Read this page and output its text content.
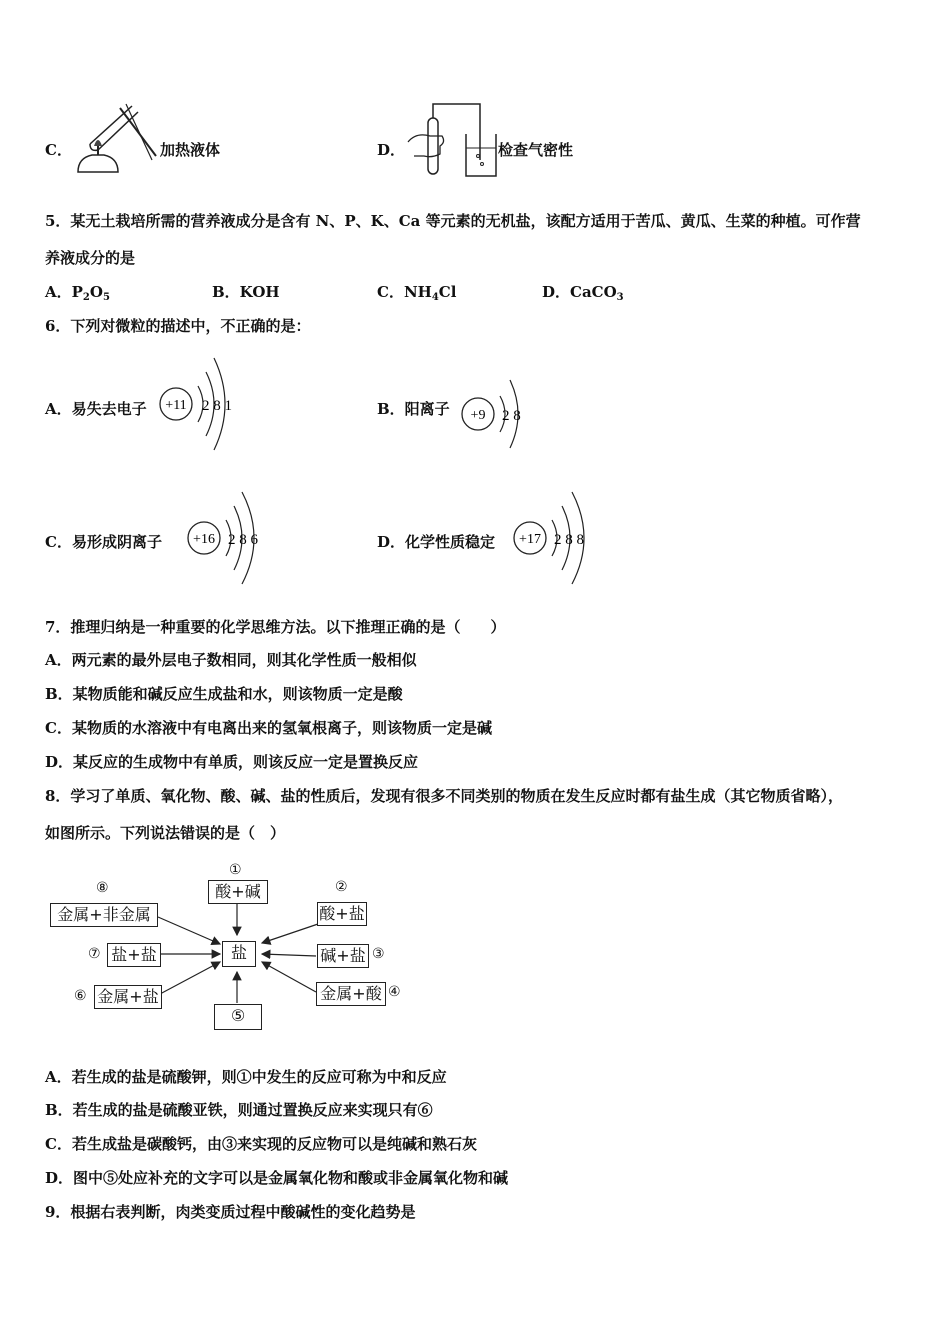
C．	加热液体	D．	检查气密性
5．某无土栽培所需的营养液成分是含有 N、P、K、Ca 等元素的无机盐，该配方适用于苦瓜、黄瓜、生菜的种植。可作营
养液成分的是
A．$P_2O_5$	B．KOH	C．$NH_4Cl$	D．CaCO$_3$
6．下列对微粒的描述中，不正确的是：
A．易失去电子 +11 2 8 1	B．阳离子 +9 2 8
C．易形成阴离子 +16 2 8 6	D．化学性质稳定 +17 2 8 8
7．推理归纳是一种重要的化学思维方法。以下推理正确的是（　　）
A．两元素的最外层电子数相同，则其化学性质一般相似
B．某物质能和碱反应生成盐和水，则该物质一定是酸
C．某物质的水溶液中有电离出来的氢氧根离子，则该物质一定是碱
D．某反应的生成物中有单质，则该反应一定是置换反应
8．学习了单质、氧化物、酸、碱、盐的性质后，发现有很多不同类别的物质在发生反应时都有盐生成（其它物质省略），
如图所示。下列说法错误的是（　）
盐
①
酸+碱	②
酸+盐
碱+盐 ③
金属+酸 ④
⑤
⑥ 金属+盐
⑦ 盐+盐
⑧
金属+非金属
A．若生成的盐是硫酸钾，则①中发生的反应可称为中和反应
B．若生成的盐是硫酸亚铁，则通过置换反应来实现只有⑥
C．若生成盐是碳酸钙，由③来实现的反应物可以是纯碱和熟石灰
D．图中⑤处应补充的文字可以是金属氧化物和酸或非金属氧化物和碱
9．根据右表判断，肉类变质过程中酸碱性的变化趋势是
